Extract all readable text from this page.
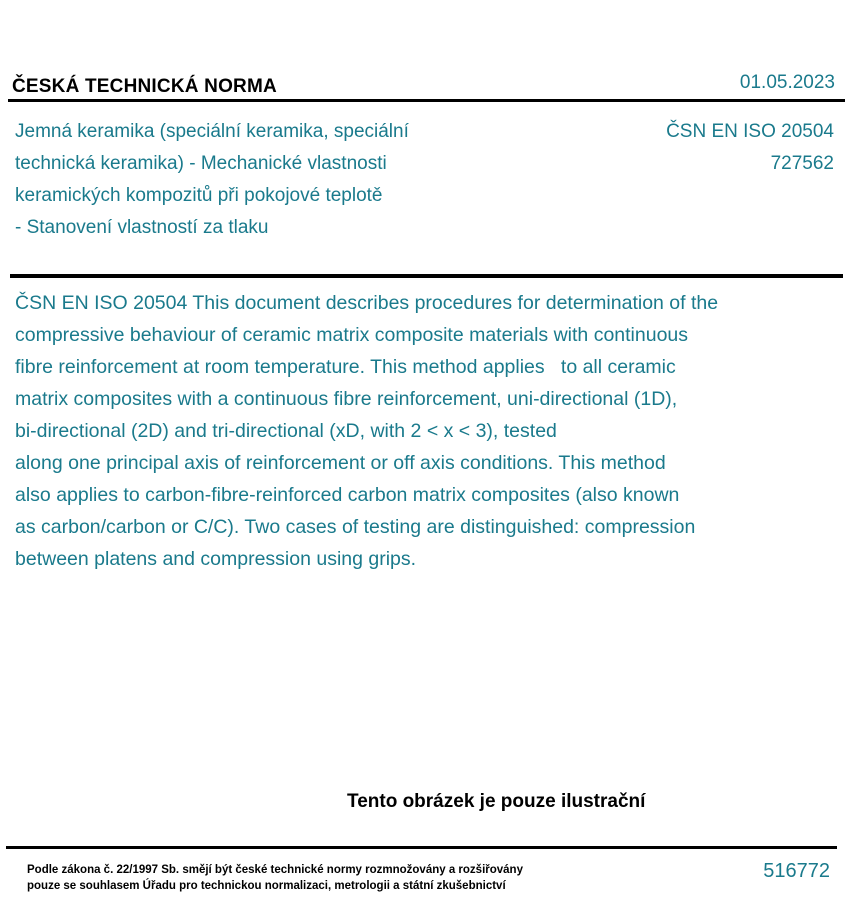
ČESKÁ TECHNICKÁ NORMA	01.05.2023
Jemná keramika (speciální keramika, speciální
technická keramika) - Mechanické vlastnosti
keramických kompozitů při pokojové teplotě
- Stanovení vlastností za tlaku
ČSN EN ISO 20504
727562
ČSN EN ISO 20504 This document describes procedures for determination of the
compressive behaviour of ceramic matrix composite materials with continuous
fibre reinforcement at room temperature. This method applies   to all ceramic
matrix composites with a continuous fibre reinforcement, uni-directional (1D),
bi-directional (2D) and tri-directional (xD, with 2 < x < 3), tested
along one principal axis of reinforcement or off axis conditions. This method
also applies to carbon-fibre-reinforced carbon matrix composites (also known
as carbon/carbon or C/C). Two cases of testing are distinguished: compression
between platens and compression using grips.
Tento obrázek je pouze ilustrační
Podle zákona č. 22/1997 Sb. smějí být české technické normy rozmnožovány a rozšiřovány
pouze se souhlasem Úřadu pro technickou normalizaci, metrologii a státní zkušebnictví
516772
